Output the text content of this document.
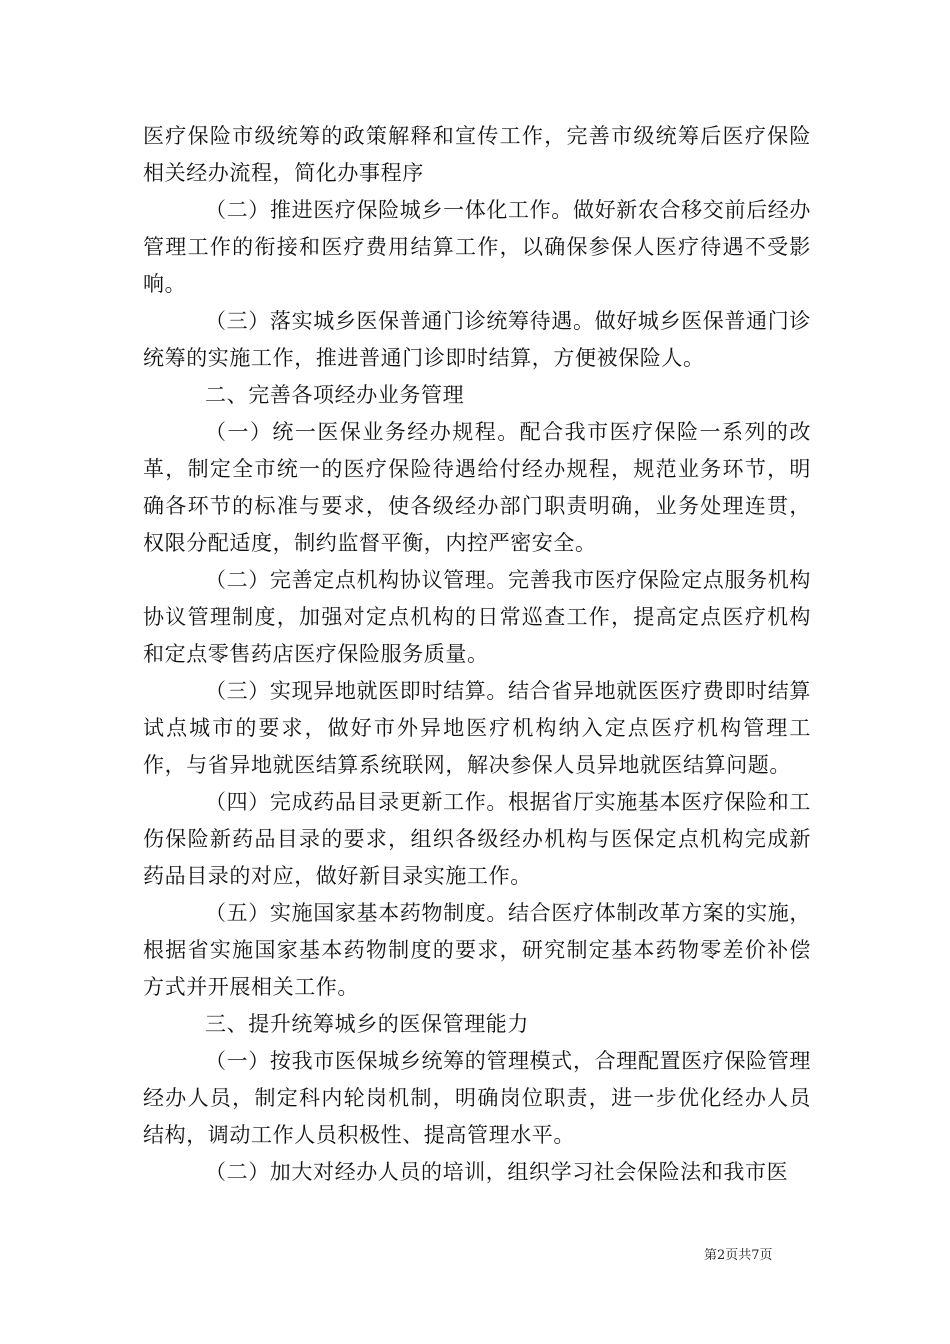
医疗保险市级统筹的政策解释和宣传工作，完善市级统筹后医疗保险相关经办流程，简化办事程序

（二）推进医疗保险城乡一体化工作。做好新农合移交前后经办管理工作的衔接和医疗费用结算工作，以确保参保人医疗待遇不受影响。

（三）落实城乡医保普通门诊统筹待遇。做好城乡医保普通门诊统筹的实施工作，推进普通门诊即时结算，方便被保险人。

二、完善各项经办业务管理

（一）统一医保业务经办规程。配合我市医疗保险一系列的改革，制定全市统一的医疗保险待遇给付经办规程，规范业务环节，明确各环节的标准与要求，使各级经办部门职责明确，业务处理连贯，权限分配适度，制约监督平衡，内控严密安全。

（二）完善定点机构协议管理。完善我市医疗保险定点服务机构协议管理制度，加强对定点机构的日常巡查工作，提高定点医疗机构和定点零售药店医疗保险服务质量。

（三）实现异地就医即时结算。结合省异地就医医疗费即时结算试点城市的要求，做好市外异地医疗机构纳入定点医疗机构管理工作，与省异地就医结算系统联网，解决参保人员异地就医结算问题。

（四）完成药品目录更新工作。根据省厅实施基本医疗保险和工伤保险新药品目录的要求，组织各级经办机构与医保定点机构完成新药品目录的对应，做好新目录实施工作。

（五）实施国家基本药物制度。结合医疗体制改革方案的实施，根据省实施国家基本药物制度的要求，研究制定基本药物零差价补偿方式并开展相关工作。

三、提升统筹城乡的医保管理能力

（一）按我市医保城乡统筹的管理模式，合理配置医疗保险管理经办人员，制定科内轮岗机制，明确岗位职责，进一步优化经办人员结构，调动工作人员积极性、提高管理水平。

（二）加大对经办人员的培训，组织学习社会保险法和我市医

第2页共7页
